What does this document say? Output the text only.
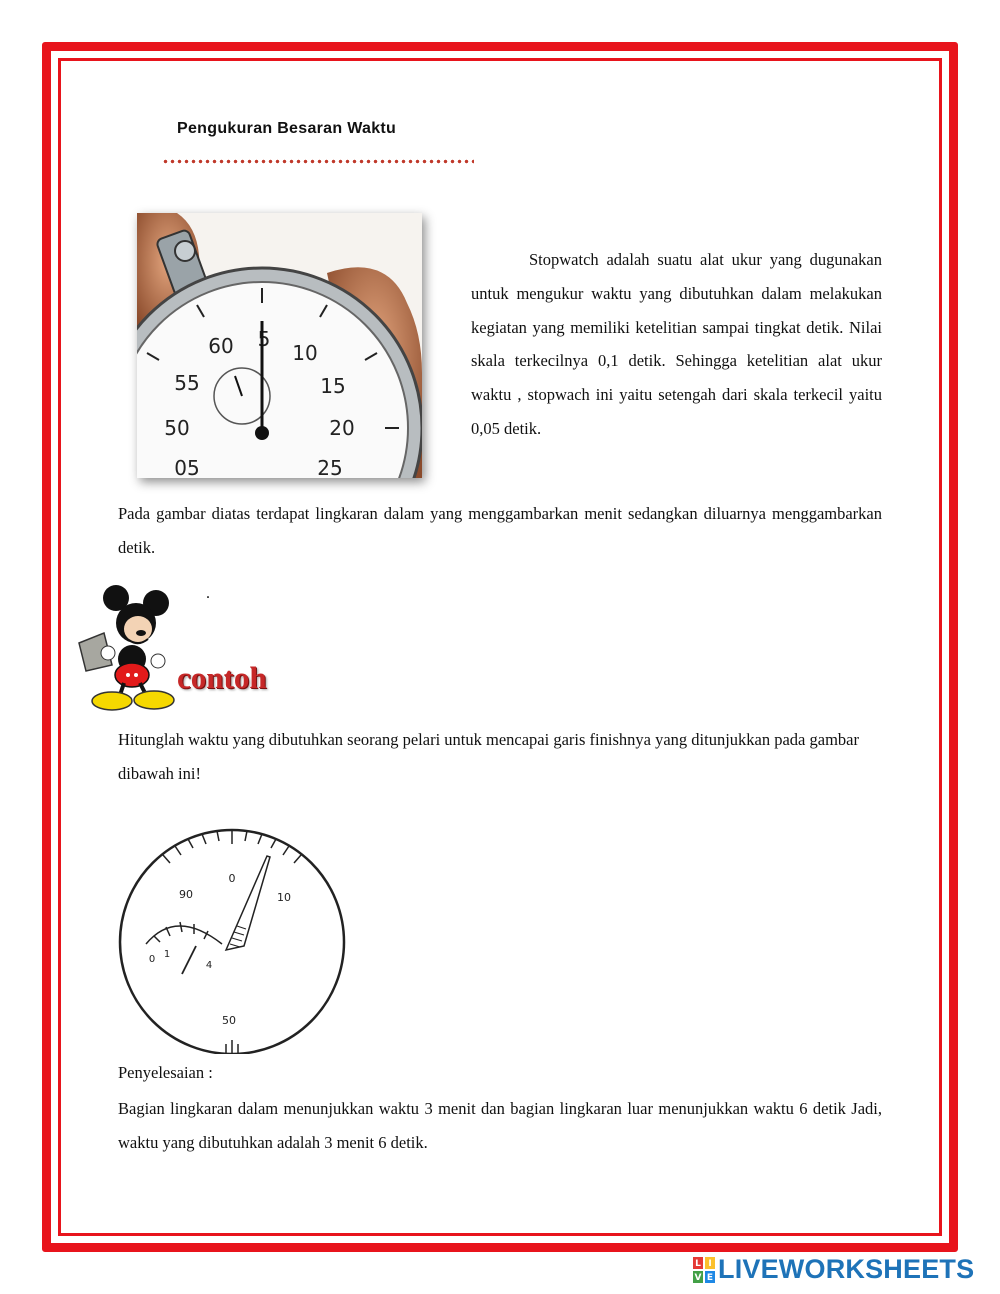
Pengukuran Besaran Waktu
60 5
10
15
20
25
55
50
05
Stopwatch adalah suatu alat ukur yang dugunakan untuk mengukur waktu yang dibutuhkan dalam melakukan kegiatan yang memiliki ketelitian sampai tingkat detik. Nilai skala terkecilnya 0,1 detik. Sehingga ketelitian alat ukur waktu , stopwach ini yaitu setengah dari skala terkecil yaitu 0,05 detik.
Pada gambar diatas terdapat lingkaran dalam yang menggambarkan menit sedangkan diluarnya menggambarkan detik.
.
contoh
Hitunglah waktu yang dibutuhkan seorang pelari untuk mencapai garis finishnya yang ditunjukkan pada gambar dibawah ini!
90
0
10
50
0 1
4
Penyelesaian :
Bagian lingkaran dalam menunjukkan waktu 3 menit dan bagian lingkaran luar menunjukkan waktu 6 detik Jadi, waktu yang dibutuhkan adalah 3 menit 6 detik.
L I
V E LIVEWORKSHEETS
